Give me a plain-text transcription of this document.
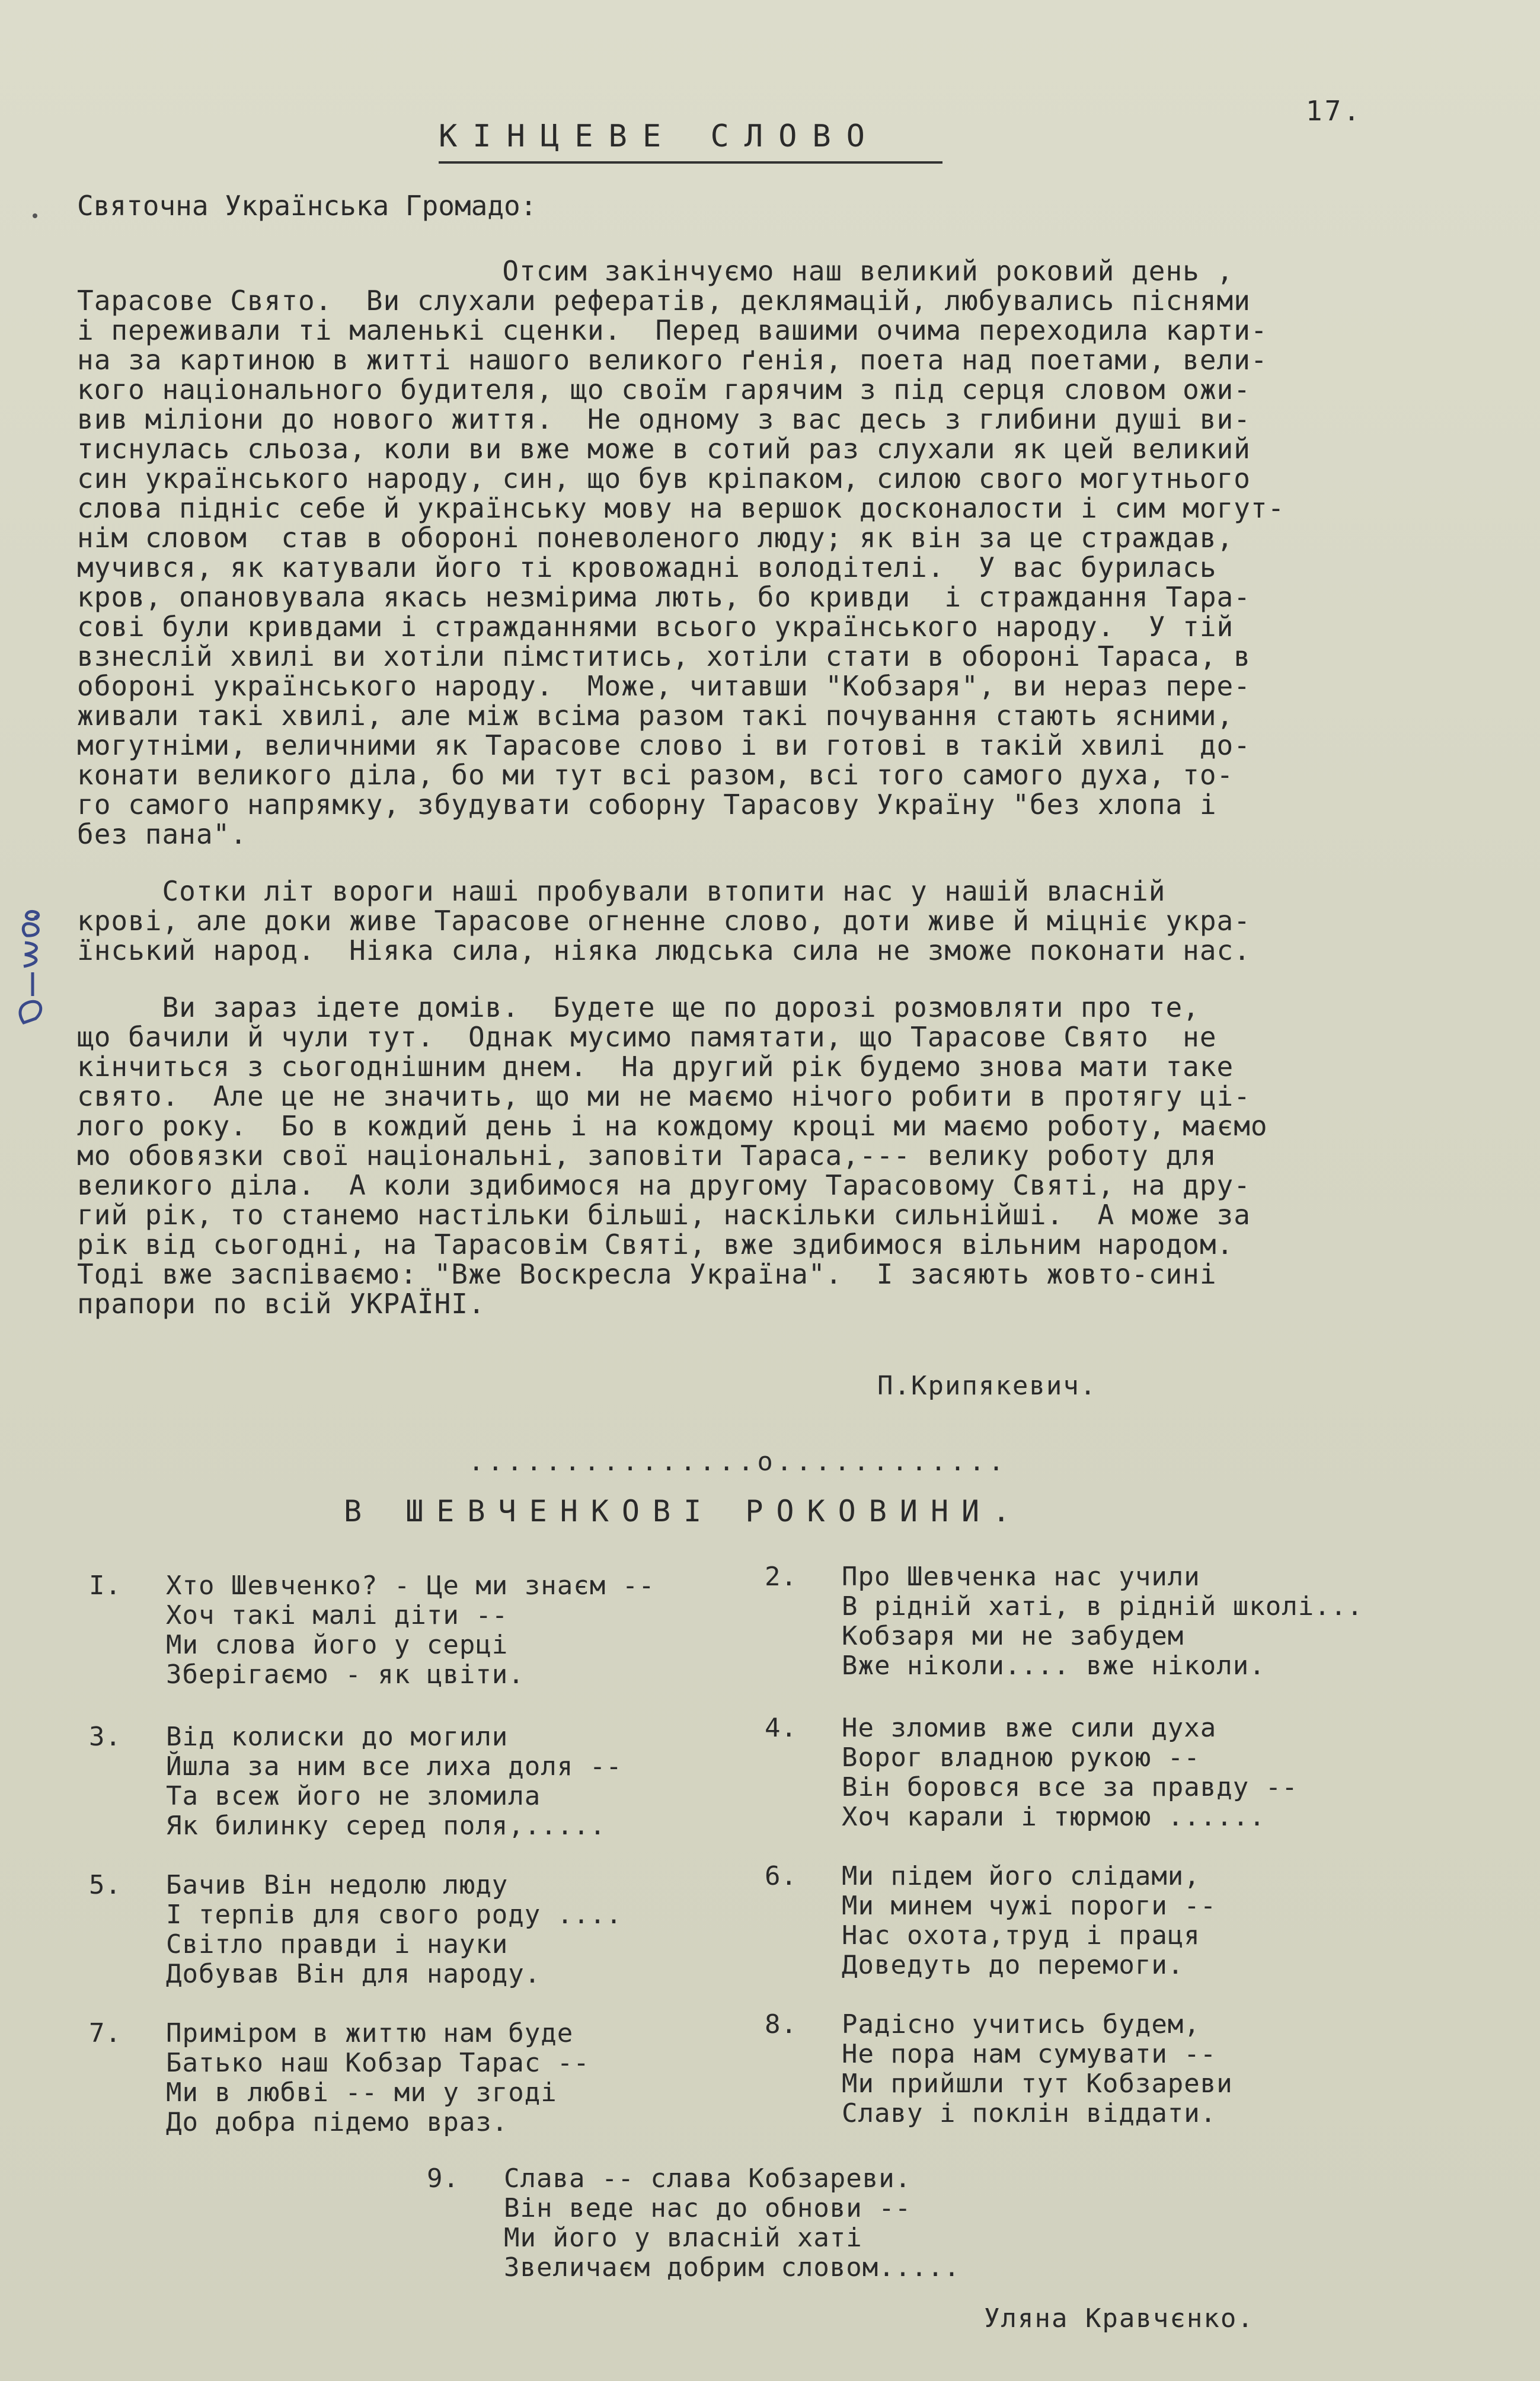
17.
КІНЦЕВЕ СЛОВО
Святочна Українська Громадо:
Отсим закінчуємо наш великий роковий день ,
Тарасове Свято.  Ви слухали рефератів, деклямацій, любувались піснями
і переживали ті маленькі сценки.  Перед вашими очима переходила карти-
на за картиною в житті нашого великого ґенія, поета над поетами, вели-
кого національного будителя, що своїм гарячим з під серця словом ожи-
вив міліони до нового життя.  Не одному з вас десь з глибини душі ви-
тиснулась сльоза, коли ви вже може в сотий раз слухали як цей великий
син українського народу, син, що був кріпаком, силою свого могутнього
слова підніс себе й українську мову на вершок досконалости і сим могут-
нім словом  став в обороні поневоленого люду; як він за це страждав,
мучився, як катували його ті кровожадні володітелі.  У вас бурилась
кров, опановувала якась незмірима лють, бо кривди  і страждання Тара-
сові були кривдами і стражданнями всього українського народу.  У тій
взнеслій хвилі ви хотіли пімститись, хотіли стати в обороні Тараса, в
обороні українського народу.  Може, читавши "Кобзаря", ви нераз пере-
живали такі хвилі, але між всіма разом такі почування стають ясними,
могутніми, величними як Тарасове слово і ви готові в такій хвилі  до-
конати великого діла, бо ми тут всі разом, всі того самого духа, то-
го самого напрямку, збудувати соборну Тарасову Україну "без хлопа і
без пана".
Сотки літ вороги наші пробували втопити нас у нашій власній
крові, але доки живе Тарасове огненне слово, доти живе й міцніє укра-
їнський народ.  Ніяка сила, ніяка людська сила не зможе поконати нас.
Ви зараз ідете домів.  Будете ще по дорозі розмовляти про те,
що бачили й чули тут.  Однак мусимо памятати, що Тарасове Свято  не
кінчиться з сьогоднішним днем.  На другий рік будемо знова мати таке
свято.  Але це не значить, що ми не маємо нічого робити в протягу ці-
лого року.  Бо в кождий день і на кождому кроці ми маємо роботу, маємо
мо обовязки свої національні, заповіти Тараса,--- велику роботу для
великого діла.  А коли здибимося на другому Тарасовому Святі, на дру-
гий рік, то станемо настільки більші, наскільки сильнійші.  А може за
рік від сьогодні, на Тарасовім Святі, вже здибимося вільним народом.
Тоді вже заспіваємо: "Вже Воскресла Україна".  І засяють жовто-сині
прапори по всій УКРАЇНІ.
П.Крипякевич.
...............о............
В ШЕВЧЕНКОВІ РОКОВИНИ.

I.

Хто Шевченко? - Це ми знаєм --
Хоч такі малі діти --
Ми слова його у серці
Зберігаємо - як цвіти.

2.

Про Шевченка нас учили
В рідній хаті, в рідній школі...
Кобзаря ми не забудем
Вже ніколи.... вже ніколи.

3.

Від колиски до могили
Йшла за ним все лиха доля --
Та всеж його не зломила
Як билинку серед поля,.....

4.

Не зломив вже сили духа
Ворог владною рукою --
Він боровся все за правду --
Хоч карали і тюрмою ......

5.

Бачив Він недолю люду
І терпів для свого роду ....
Світло правди і науки
Добував Він для народу.

6.

Ми підем його слідами,
Ми минем чужі пороги --
Нас охота,труд і праця
Доведуть до перемоги.

7.

Примірoм в життю нам буде
Батько наш Кобзар Тарас --
Ми в любві -- ми у згоді
До добра підемо враз.

8.

Радісно учитись будем,
Не пора нам сумувати --
Ми прийшли тут Кобзареви
Славу і поклін віддати.

9.

Слава -- слава Кобзареви.
Він веде нас до обнови --
Ми його у власній хаті
Звеличаєм добрим словом.....

Уляна Кравчєнко.
